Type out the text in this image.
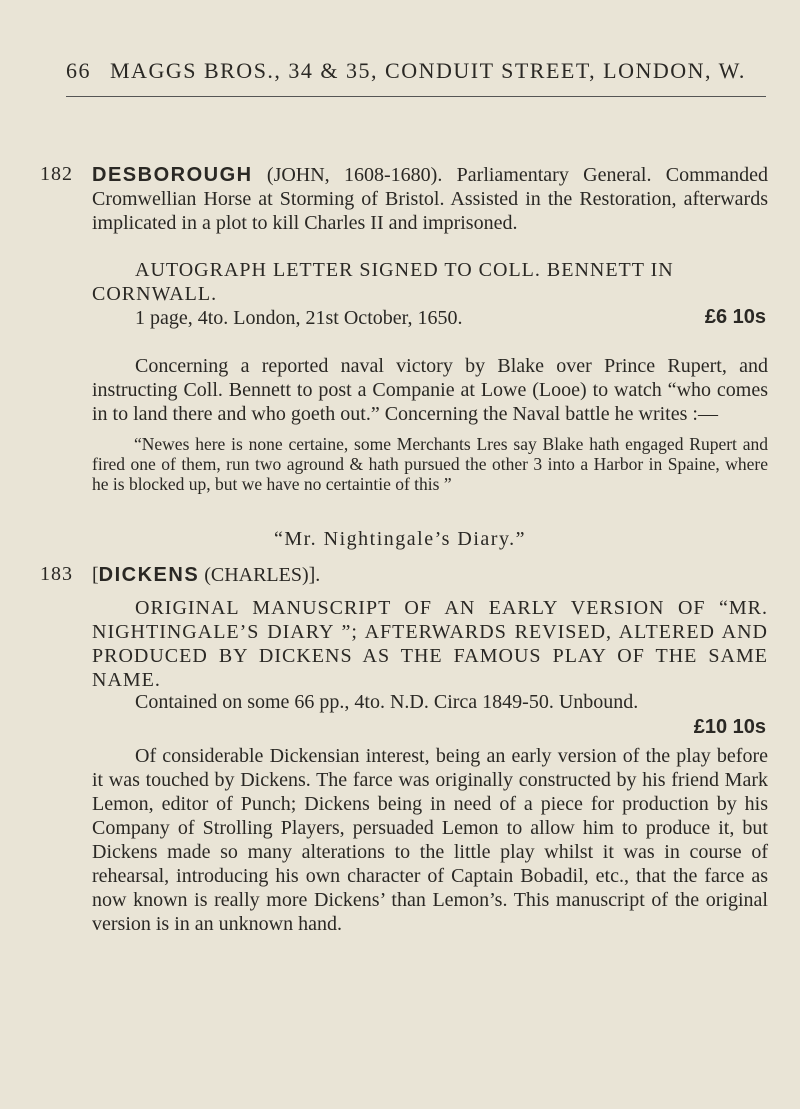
66 MAGGS BROS., 34 & 35, CONDUIT STREET, LONDON, W.
182 DESBOROUGH (JOHN, 1608-1680). Parliamentary General. Commanded Cromwellian Horse at Storming of Bristol. Assisted in the Restoration, afterwards implicated in a plot to kill Charles II and imprisoned.
AUTOGRAPH LETTER SIGNED TO COLL. BENNETT IN CORNWALL.
1 page, 4to. London, 21st October, 1650.	£6 10s
Concerning a reported naval victory by Blake over Prince Rupert, and instructing Coll. Bennett to post a Companie at Lowe (Looe) to watch “who comes in to land there and who goeth out.” Concerning the Naval battle he writes :—
“Newes here is none certaine, some Merchants Lres say Blake hath engaged Rupert and fired one of them, run two aground & hath pursued the other 3 into a Harbor in Spaine, where he is blocked up, but we have no certaintie of this ”
“Mr. Nightingale’s Diary.”
183 [DICKENS (CHARLES)].
ORIGINAL MANUSCRIPT OF AN EARLY VERSION OF “MR. NIGHTINGALE’S DIARY ”; AFTERWARDS REVISED, ALTERED AND PRODUCED BY DICKENS AS THE FAMOUS PLAY OF THE SAME NAME.
Contained on some 66 pp., 4to. N.D. Circa 1849-50. Unbound.
£10 10s
Of considerable Dickensian interest, being an early version of the play before it was touched by Dickens. The farce was originally constructed by his friend Mark Lemon, editor of Punch; Dickens being in need of a piece for production by his Company of Strolling Players, persuaded Lemon to allow him to produce it, but Dickens made so many alterations to the little play whilst it was in course of rehearsal, introducing his own character of Captain Bobadil, etc., that the farce as now known is really more Dickens’ than Lemon’s. This manuscript of the original version is in an unknown hand.
